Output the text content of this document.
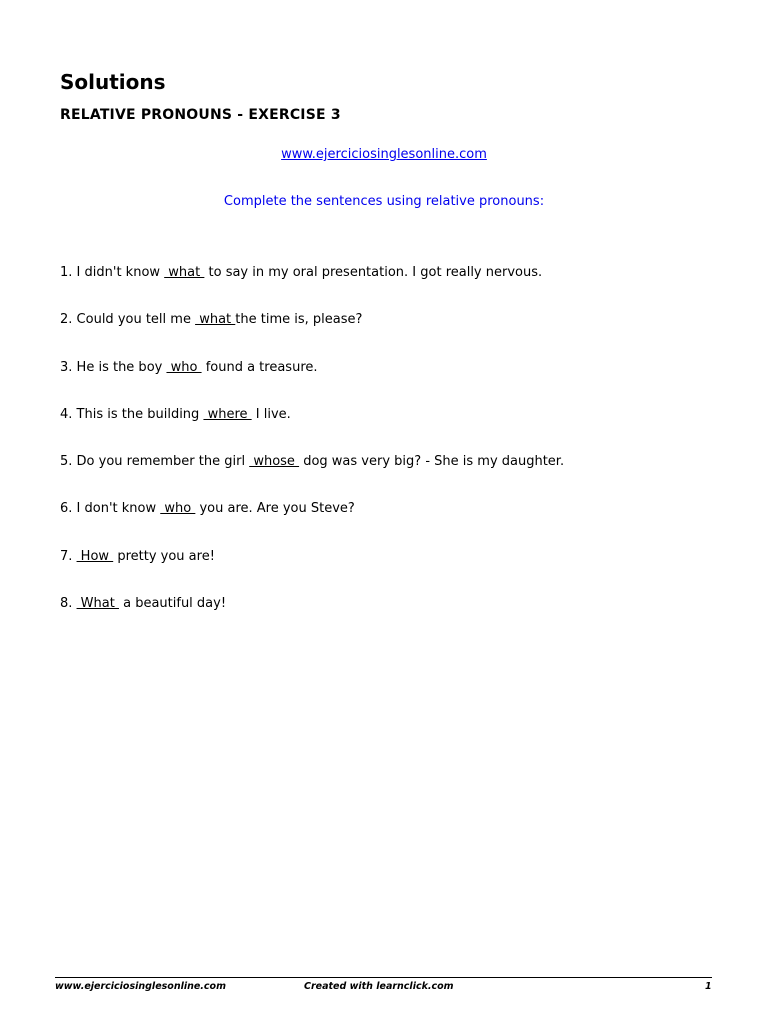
Solutions
RELATIVE PRONOUNS - EXERCISE 3
www.ejerciciosinglesonline.com
Complete the sentences using relative pronouns:
1. I didn't know  what  to say in my oral presentation. I got really nervous.
2. Could you tell me  what the time is, please?
3. He is the boy  who  found a treasure.
4. This is the building  where  I live.
5. Do you remember the girl  whose  dog was very big? - She is my daughter.
6. I don't know  who  you are. Are you Steve?
7.  How  pretty you are!
8.  What  a beautiful day!
www.ejerciciosinglesonline.com	Created with learnclick.com	1
